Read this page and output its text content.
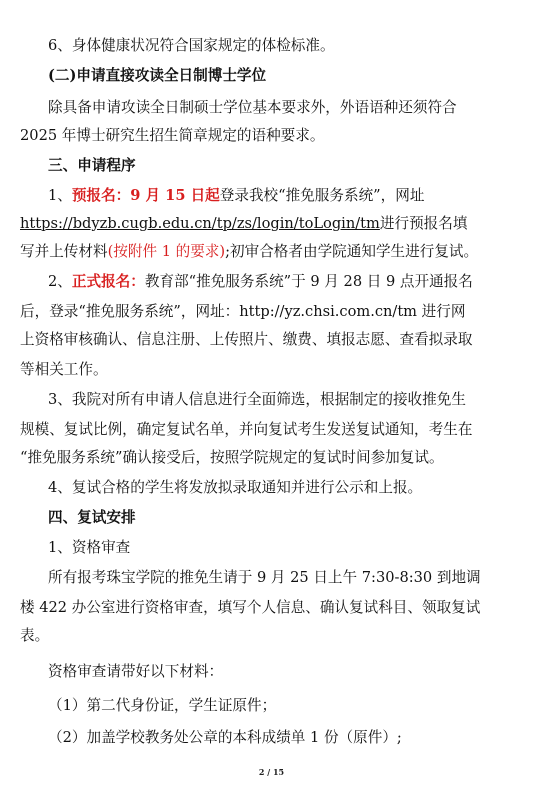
6、身体健康状况符合国家规定的体检标准。
(二)申请直接攻读全日制博士学位
除具备申请攻读全日制硕士学位基本要求外，外语语种还须符合
2025 年博士研究生招生简章规定的语种要求。
三、申请程序
1、预报名：9 月 15 日起登录我校“推免服务系统”，网址
https://bdyzb.cugb.edu.cn/tp/zs/login/toLogin/tm进行预报名填
写并上传材料(按附件 1 的要求);初审合格者由学院通知学生进行复试。
2、正式报名：教育部“推免服务系统”于 9 月 28 日 9 点开通报名
后，登录“推免服务系统”，网址：http://yz.chsi.com.cn/tm 进行网
上资格审核确认、信息注册、上传照片、缴费、填报志愿、查看拟录取
等相关工作。
3、我院对所有申请人信息进行全面筛选，根据制定的接收推免生
规模、复试比例，确定复试名单，并向复试考生发送复试通知，考生在
“推免服务系统”确认接受后，按照学院规定的复试时间参加复试。
4、复试合格的学生将发放拟录取通知并进行公示和上报。
四、复试安排
1、资格审查
所有报考珠宝学院的推免生请于 9 月 25 日上午 7:30-8:30 到地调
楼 422 办公室进行资格审查，填写个人信息、确认复试科目、领取复试
表。
资格审查请带好以下材料：
（1）第二代身份证，学生证原件；
（2）加盖学校教务处公章的本科成绩单 1 份（原件）;
2 / 15
